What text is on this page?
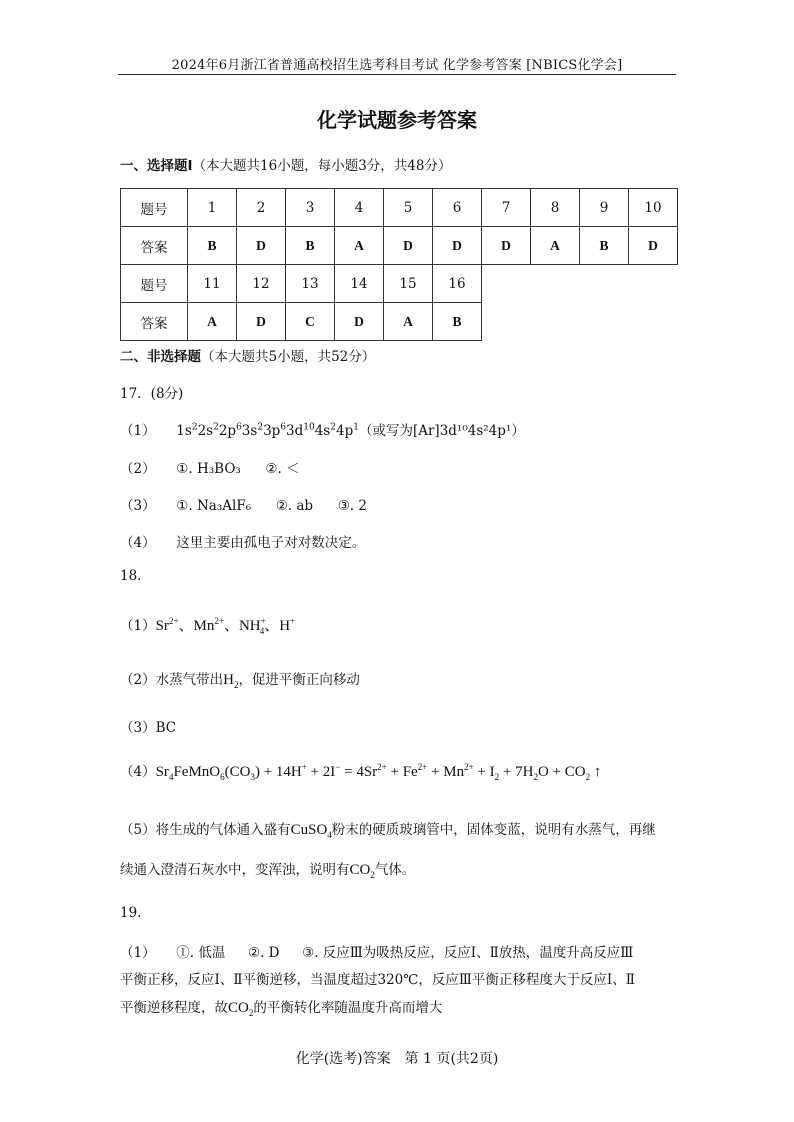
2024年6月浙江省普通高校招生选考科目考试 化学参考答案 [NBICS化学会]
化学试题参考答案
一、选择题Ⅰ（本大题共16小题，每小题3分，共48分）
题号	1	2	3	4	5	6	7	8	9	10
答案	B	D	B	A	D	D	D	A	B	D
题号	11	12	13	14	15	16				
答案	A	D	C	D	A	B				
二、非选择题（本大题共5小题，共52分）
17．(8分)
（1） $1s^22s^22p^63s^23p^63d^{10}4s^24p^1$（或写为[Ar]3d¹⁰4s²4p¹）
（2） ①. H₃BO₃ ②. ＜
（3） ①. Na₃AlF₆ ②. ab ③. 2
（4） 这里主要由孤电子对对数决定。
18.
$(1)Sr^{2+}$、$Mn^{2+}$、$NH^+_4$、H+
（2）水蒸气带出$H_2$，促进平衡正向移动
（3）BC
$(4)Sr_4FeMnO_6(CO_3) + 14H^+ + 2I^- = 4Sr^{2+} + Fe^{2+} + Mn^{2+} + I_2 + 7H_2O + CO_2$ ↑
（5）将生成的气体通入盛有CuSO$_4$粉末的硬质玻璃管中，固体变蓝，说明有水蒸气，再继
续通入澄清石灰水中，变浑浊，说明有$CO_2$气体。
19.
（1） ①. 低温 ②. D ③. 反应Ⅲ为吸热反应，反应Ⅰ、Ⅱ放热，温度升高反应Ⅲ
平衡正移，反应Ⅰ、Ⅱ平衡逆移，当温度超过320℃，反应Ⅲ平衡正移程度大于反应Ⅰ、Ⅱ
平衡逆移程度，故$CO_2$的平衡转化率随温度升高而增大
化学(选考)答案　第 1 页(共2页)
